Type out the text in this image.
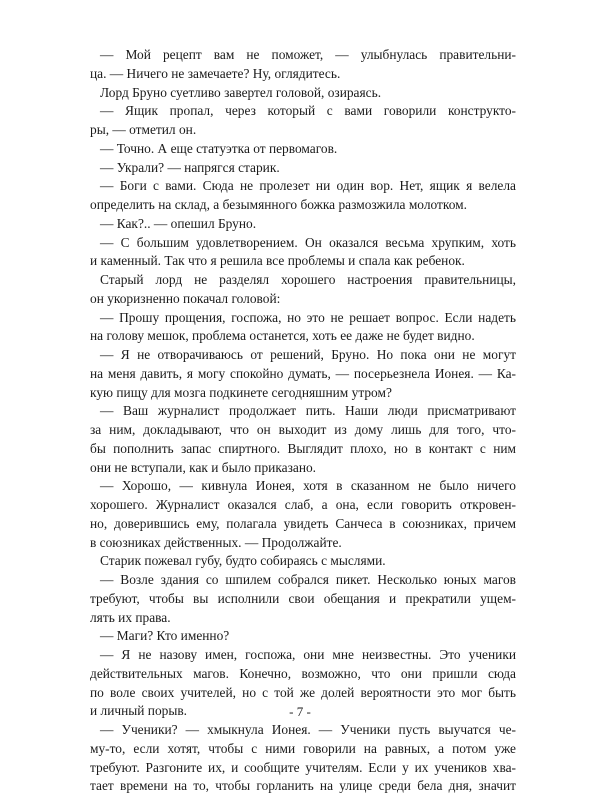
— Мой рецепт вам не поможет, — улыбнулась правительни-
ца. — Ничего не замечаете? Ну, оглядитесь.
Лорд Бруно суетливо завертел головой, озираясь.
— Ящик пропал, через который с вами говорили конструкто-
ры, — отметил он.
— Точно. А еще статуэтка от первомагов.
— Украли? — напрягся старик.
— Боги с вами. Сюда не пролезет ни один вор. Нет, ящик я велела
определить на склад, а безымянного божка размозжила молотком.
— Как?.. — опешил Бруно.
— С большим удовлетворением. Он оказался весьма хрупким, хоть
и каменный. Так что я решила все проблемы и спала как ребенок.
Старый лорд не разделял хорошего настроения правительницы,
он укоризненно покачал головой:
— Прошу прощения, госпожа, но это не решает вопрос. Если надеть
на голову мешок, проблема останется, хоть ее даже не будет видно.
— Я не отворачиваюсь от решений, Бруно. Но пока они не могут
на меня давить, я могу спокойно думать, — посерьезнела Ионея. — Ка-
кую пищу для мозга подкинете сегодняшним утром?
— Ваш журналист продолжает пить. Наши люди присматривают
за ним, докладывают, что он выходит из дому лишь для того, что-
бы пополнить запас спиртного. Выглядит плохо, но в контакт с ним
они не вступали, как и было приказано.
— Хорошо, — кивнула Ионея, хотя в сказанном не было ничего
хорошего. Журналист оказался слаб, а она, если говорить откровен-
но, доверившись ему, полагала увидеть Санчеса в союзниках, причем
в союзниках действенных. — Продолжайте.
Старик пожевал губу, будто собираясь с мыслями.
— Возле здания со шпилем собрался пикет. Несколько юных магов
требуют, чтобы вы исполнили свои обещания и прекратили ущем-
лять их права.
— Маги? Кто именно?
— Я не назову имен, госпожа, они мне неизвестны. Это ученики
действительных магов. Конечно, возможно, что они пришли сюда
по воле своих учителей, но с той же долей вероятности это мог быть
и личный порыв.
— Ученики? — хмыкнула Ионея. — Ученики пусть выучатся че-
му-то, если хотят, чтобы с ними говорили на равных, а потом уже
требуют. Разгоните их, и сообщите учителям. Если у их учеников хва-
тает времени на то, чтобы горланить на улице среди бела дня, значит
- 7 -
